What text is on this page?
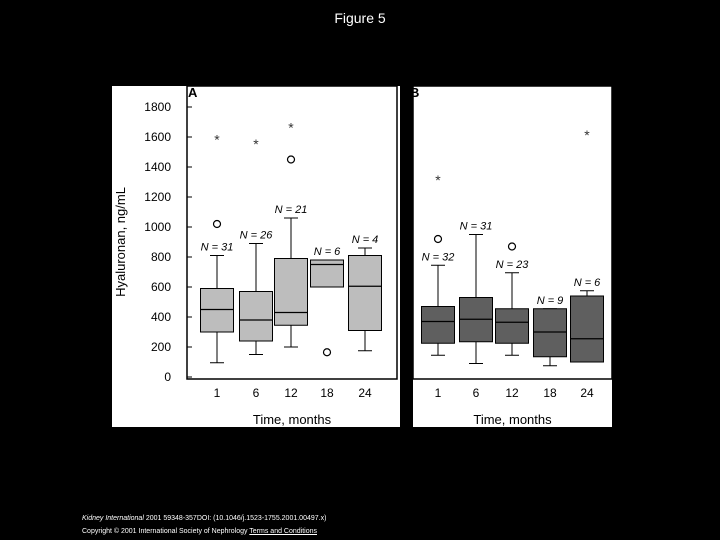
Figure 5
A
0
200
400
600
800
1000
1200
1400
1600
1800
Hyaluronan, ng/mL
1	6 12 18 24
Time, months
N = 31
N = 26
N = 21
N = 6
N = 4
* *
*
B
1	6 12 18 24
Time, months
N = 32
N = 31
N = 23
N = 9
N = 6
*
*
Kidney International 2001 59348-357DOI: (10.1046/j.1523-1755.2001.00497.x)
Copyright © 2001 International Society of Nephrology Terms and Conditions
